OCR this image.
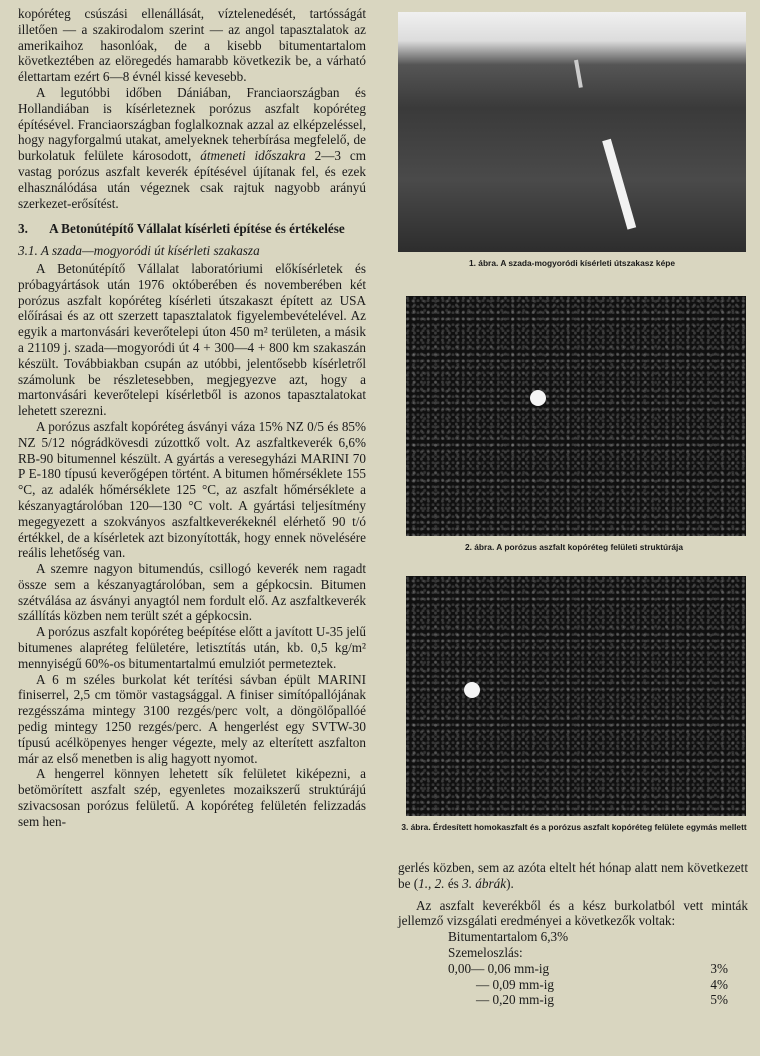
kopóréteg csúszási ellenállását, víztelenedését, tartósságát illetően — a szakirodalom szerint — az angol tapasztalatok az amerikaihoz hasonlóak, de a kisebb bitumentartalom következtében az elöregedés hamarabb következik be, a várható élettartam ezért 6—8 évnél kissé kevesebb.

A legutóbbi időben Dániában, Franciaországban és Hollandiában is kísérleteznek porózus aszfalt kopóréteg építésével. Franciaországban foglalkoznak azzal az elképzeléssel, hogy nagyforgalmú utakat, amelyeknek teherbírása megfelelő, de burkolatuk felülete károsodott, átmeneti időszakra 2—3 cm vastag porózus aszfalt keverék építésével újítanak fel, és ezek elhasználódása után végeznek csak rajtuk nagyobb arányú szerkezet-erősítést.

3. A Betonútépítő Vállalat kísérleti építése és értékelése

3.1. A szada—mogyoródi út kísérleti szakasza

A Betonútépítő Vállalat laboratóriumi előkísérletek és próbagyártások után 1976 októberében és novemberében két porózus aszfalt kopóréteg kísérleti útszakaszt épített az USA előírásai és az ott szerzett tapasztalatok figyelembevételével. Az egyik a martonvásári keverőtelepi úton 450 m² területen, a másik a 21109 j. szada—mogyoródi út 4 + 300—4 + 800 km szakaszán készült. Továbbiakban csupán az utóbbi, jelentősebb kísérletről számolunk be részletesebben, megjegyezve azt, hogy a martonvásári keverőtelepi kísérletből is azonos tapasztalatokat lehetett szerezni.

A porózus aszfalt kopóréteg ásványi váza 15% NZ 0/5 és 85% NZ 5/12 nógrádkövesdi zúzottkő volt. Az aszfaltkeverék 6,6% RB-90 bitumennel készült. A gyártás a veresegyházi MARINI 70 P E-180 típusú keverőgépen történt. A bitumen hőmérséklete 155 °C, az adalék hőmérséklete 125 °C, az aszfalt hőmérséklete a készanyagtárolóban 120—130 °C volt. A gyártási teljesítmény megegyezett a szokványos aszfaltkeverékeknél elérhető 90 t/ó értékkel, de a kísérletek azt bizonyították, hogy ennek növelésére reális lehetőség van.

A szemre nagyon bitumendús, csillogó keverék nem ragadt össze sem a készanyagtárolóban, sem a gépkocsin. Bitumen szétválása az ásványi anyagtól nem fordult elő. Az aszfaltkeverék szállítás közben nem terült szét a gépkocsin.

A porózus aszfalt kopóréteg beépítése előtt a javított U-35 jelű bitumenes alapréteg felületére, letisztítás után, kb. 0,5 kg/m² mennyiségű 60%-os bitumentartalmú emulziót permeteztek.

A 6 m széles burkolat két terítési sávban épült MARINI finiserrel, 2,5 cm tömör vastagsággal. A finiser simítópallójának rezgésszáma mintegy 3100 rezgés/perc volt, a döngölőpallóé pedig mintegy 1250 rezgés/perc. A hengerlést egy SVTW-30 típusú acélköpenyes henger végezte, mely az elterített aszfalton már az első menetben is alig hagyott nyomot.

A hengerrel könnyen lehetett sík felületet kiképezni, a betömörített aszfalt szép, egyenletes mozaikszerű struktúrájú szivacsosan porózus felületű. A kopóréteg felületén felizzadás sem hen-

1. ábra. A szada-mogyoródi kísérleti útszakasz képe
2. ábra. A porózus aszfalt kopóréteg felületi struktúrája
3. ábra. Érdesített homokaszfalt és a porózus aszfalt kopóréteg felülete egymás mellett

gerlés közben, sem az azóta eltelt hét hónap alatt nem következett be (1., 2. és 3. ábrák).

Az aszfalt keverékből és a kész burkolatból vett minták jellemző vizsgálati eredményei a következők voltak:

Bitumentartalom 6,3%
Szemeloszlás:
0,00— 0,06 mm-ig	3%
— 0,09 mm-ig	4%
— 0,20 mm-ig	5%
